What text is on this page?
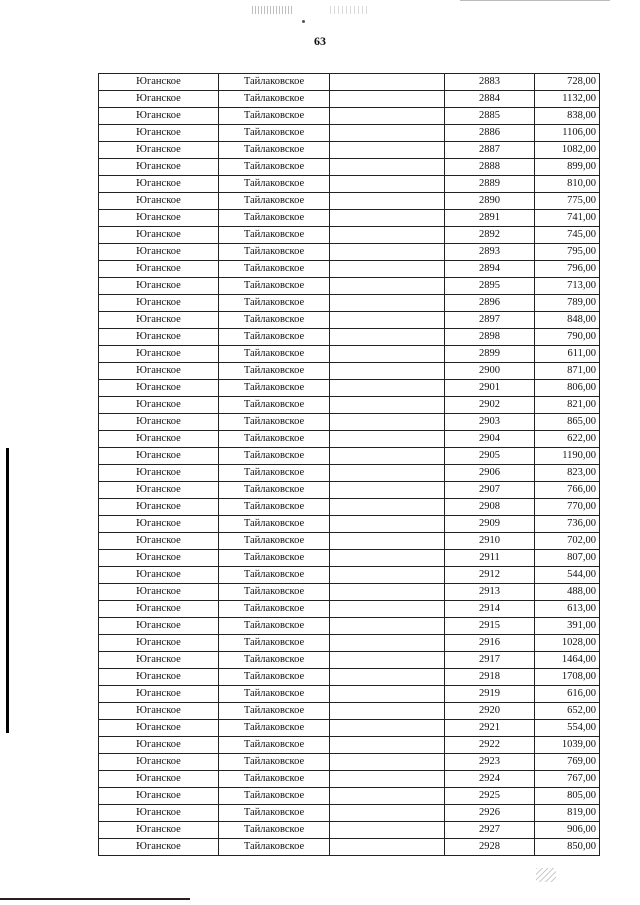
63
Юганское	Тайлаковское		2883	728,00
Юганское	Тайлаковское		2884	1132,00
Юганское	Тайлаковское		2885	838,00
Юганское	Тайлаковское		2886	1106,00
Юганское	Тайлаковское		2887	1082,00
Юганское	Тайлаковское		2888	899,00
Юганское	Тайлаковское		2889	810,00
Юганское	Тайлаковское		2890	775,00
Юганское	Тайлаковское		2891	741,00
Юганское	Тайлаковское		2892	745,00
Юганское	Тайлаковское		2893	795,00
Юганское	Тайлаковское		2894	796,00
Юганское	Тайлаковское		2895	713,00
Юганское	Тайлаковское		2896	789,00
Юганское	Тайлаковское		2897	848,00
Юганское	Тайлаковское		2898	790,00
Юганское	Тайлаковское		2899	611,00
Юганское	Тайлаковское		2900	871,00
Юганское	Тайлаковское		2901	806,00
Юганское	Тайлаковское		2902	821,00
Юганское	Тайлаковское		2903	865,00
Юганское	Тайлаковское		2904	622,00
Юганское	Тайлаковское		2905	1190,00
Юганское	Тайлаковское		2906	823,00
Юганское	Тайлаковское		2907	766,00
Юганское	Тайлаковское		2908	770,00
Юганское	Тайлаковское		2909	736,00
Юганское	Тайлаковское		2910	702,00
Юганское	Тайлаковское		2911	807,00
Юганское	Тайлаковское		2912	544,00
Юганское	Тайлаковское		2913	488,00
Юганское	Тайлаковское		2914	613,00
Юганское	Тайлаковское		2915	391,00
Юганское	Тайлаковское		2916	1028,00
Юганское	Тайлаковское		2917	1464,00
Юганское	Тайлаковское		2918	1708,00
Юганское	Тайлаковское		2919	616,00
Юганское	Тайлаковское		2920	652,00
Юганское	Тайлаковское		2921	554,00
Юганское	Тайлаковское		2922	1039,00
Юганское	Тайлаковское		2923	769,00
Юганское	Тайлаковское		2924	767,00
Юганское	Тайлаковское		2925	805,00
Юганское	Тайлаковское		2926	819,00
Юганское	Тайлаковское		2927	906,00
Юганское	Тайлаковское		2928	850,00
